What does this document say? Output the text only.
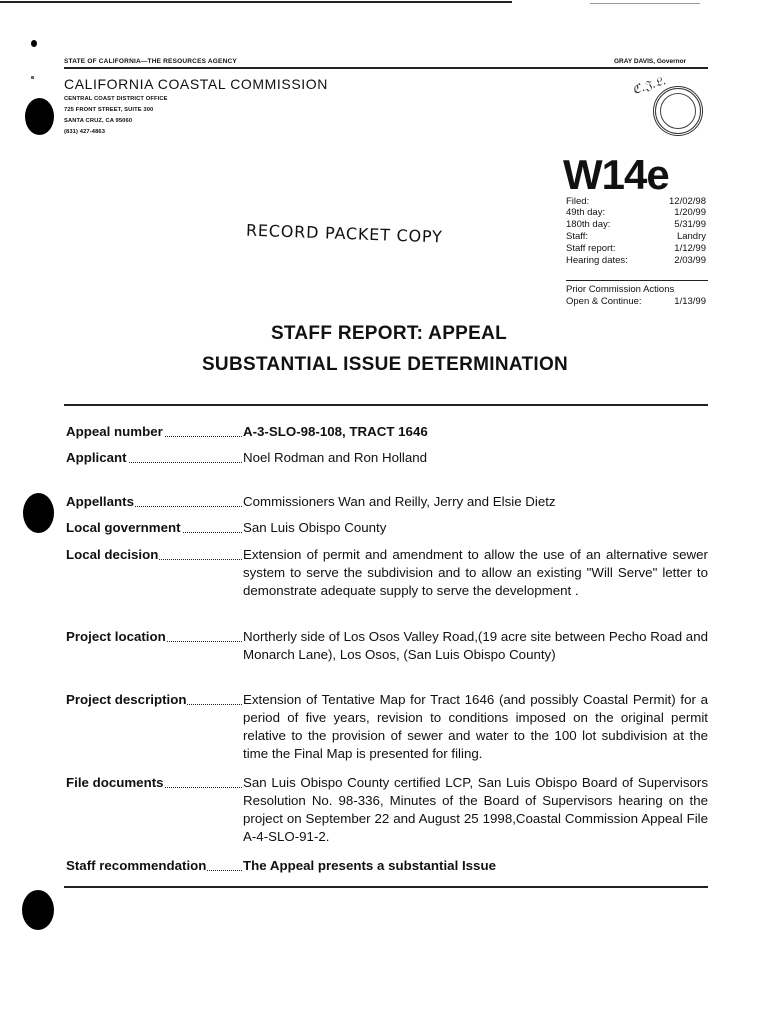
STATE OF CALIFORNIA—THE RESOURCES AGENCY	GRAY DAVIS, Governor
CALIFORNIA COASTAL COMMISSION
CENTRAL COAST DISTRICT OFFICE
725 FRONT STREET, SUITE 300
SANTA CRUZ, CA 95060
(831) 427-4863
ℭ.𝔍.𝔏.
W14e
Filed:	12/02/98
49th day:	1/20/99
180th day:	5/31/99
Staff:	Landry
Staff report:	1/12/99
Hearing dates:	2/03/99
Prior Commission Actions
Open & Continue:	1/13/99
RECORD PACKET COPY
STAFF REPORT: APPEAL
SUBSTANTIAL ISSUE DETERMINATION
Appeal number	A-3-SLO-98-108, TRACT 1646
Applicant	Noel Rodman and Ron Holland
Appellants	Commissioners Wan and Reilly, Jerry and Elsie Dietz
Local government	San Luis Obispo County
Local decision	Extension of permit and amendment to allow the use of an alternative sewer system to serve the subdivision and to allow an existing "Will Serve" letter to demonstrate adequate supply to serve the development .
Project location	Northerly side of Los Osos Valley Road,(19 acre site between Pecho Road and Monarch Lane), Los Osos, (San Luis Obispo County)
Project description	Extension of Tentative Map for Tract 1646 (and possibly Coastal Permit) for a period of five years, revision to conditions imposed on the original permit relative to the provision of sewer and water to the 100 lot subdivision at the time the Final Map is presented for filing.
File documents	San Luis Obispo County certified LCP, San Luis Obispo Board of Supervisors Resolution No. 98-336, Minutes of the Board of Supervisors hearing on the project on September 22 and August 25 1998,Coastal Commission Appeal File A-4-SLO-91-2.
Staff recommendation	The Appeal presents a substantial Issue
